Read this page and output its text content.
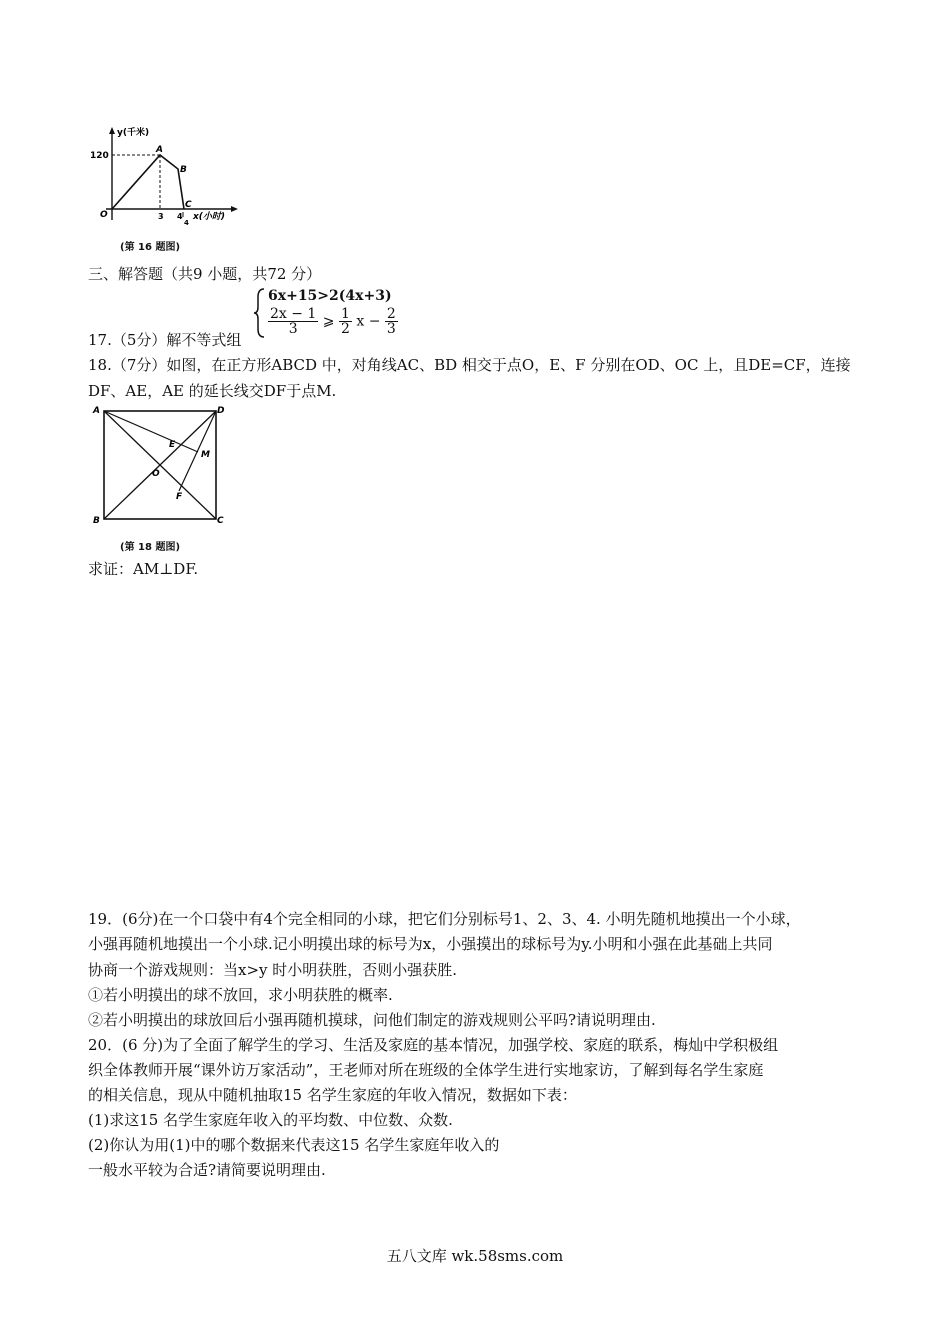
y(千米)
120
O
A
B
C
3 4
4
x(小时)
(第 16 题图)
三、解答题（共9 小题，共72 分）
6x+15>2(4x+3)
$\frac{2x - 1}{3}$ ⩾ $\frac{1}{2}$ $x - \frac{2}{3}$
17.（5分）解不等式组
18.（7分）如图，在正方形ABCD 中，对角线AC、BD 相交于点O，E、F 分别在OD、OC 上，且DE=CF，连接
DF、AE，AE 的延长线交DF于点M.
A	D
E
M
O
F
B	C
(第 18 题图)
求证：AM⊥DF.
19．(6分)在一个口袋中有4个完全相同的小球，把它们分别标号1、2、3、4. 小明先随机地摸出一个小球，
小强再随机地摸出一个小球.记小明摸出球的标号为x，小强摸出的球标号为y.小明和小强在此基础上共同
协商一个游戏规则：当x>y 时小明获胜，否则小强获胜.
①若小明摸出的球不放回，求小明获胜的概率.
②若小明摸出的球放回后小强再随机摸球，问他们制定的游戏规则公平吗?请说明理由.
20．(6 分)为了全面了解学生的学习、生活及家庭的基本情况，加强学校、家庭的联系，梅灿中学积极组
织全体教师开展“课外访万家活动”，王老师对所在班级的全体学生进行实地家访，了解到每名学生家庭
的相关信息，现从中随机抽取15 名学生家庭的年收入情况，数据如下表：
(1)求这15 名学生家庭年收入的平均数、中位数、众数.
(2)你认为用(1)中的哪个数据来代表这15 名学生家庭年收入的
一般水平较为合适?请简要说明理由.
五八文库 wk.58sms.com
